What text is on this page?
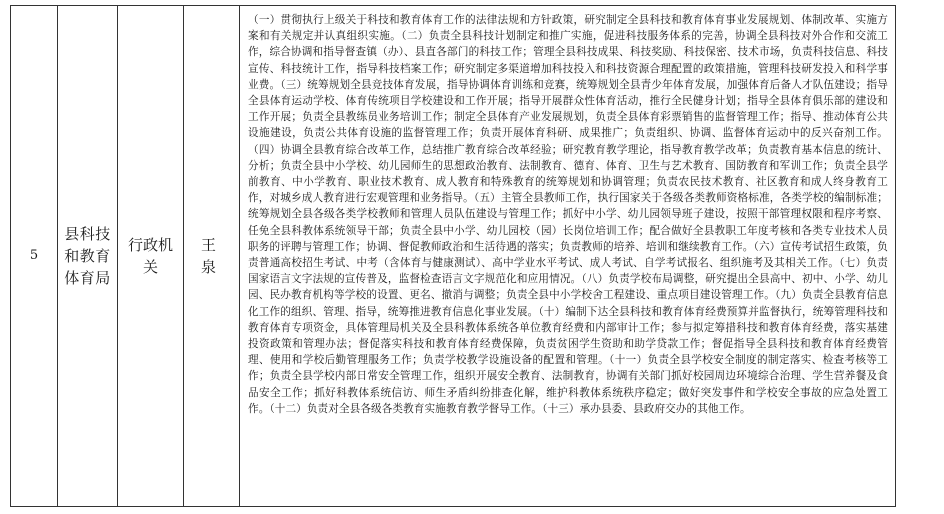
5
县科技和教育体育局
行政机关
王 泉
（一）贯彻执行上级关于科技和教育体育工作的法律法规和方针政策，研究制定全县科技和教育体育事业发展规划、体制改革、实施方案和有关规定并认真组织实施。（二）负责全县科技计划制定和推广实施，促进科技服务体系的完善，协调全县科技对外合作和交流工作，综合协调和指导督查镇（办）、县直各部门的科技工作；管理全县科技成果、科技奖励、科技保密、技术市场，负责科技信息、科技宣传、科技统计工作，指导科技档案工作；研究制定多渠道增加科技投入和科技资源合理配置的政策措施，管理科技研发投入和科学事业费。（三）统筹规划全县竞技体育发展，指导协调体育训练和竞赛，统筹规划全县青少年体育发展，加强体育后备人才队伍建设；指导全县体育运动学校、体育传统项目学校建设和工作开展；指导开展群众性体育活动，推行全民健身计划；指导全县体育俱乐部的建设和工作开展；负责全县教练员业务培训工作；制定全县体育产业发展规划，负责全县体育彩票销售的监督管理工作；指导、推动体育公共设施建设，负责公共体育设施的监督管理工作；负责开展体育科研、成果推广；负责组织、协调、监督体育运动中的反兴奋剂工作。（四）协调全县教育综合改革工作，总结推广教育综合改革经验；研究教育教学理论，指导教育教学改革；负责教育基本信息的统计、分析；负责全县中小学校、幼儿园师生的思想政治教育、法制教育、德育、体育、卫生与艺术教育、国防教育和军训工作；负责全县学前教育、中小学教育、职业技术教育、成人教育和特殊教育的统筹规划和协调管理；负责农民技术教育、社区教育和成人终身教育工作，对城乡成人教育进行宏观管理和业务指导。（五）主管全县教师工作，执行国家关于各级各类教师资格标准，各类学校的编制标准；统筹规划全县各级各类学校教师和管理人员队伍建设与管理工作；抓好中小学、幼儿园领导班子建设，按照干部管理权限和程序考察、任免全县科教体系统领导干部；负责全县中小学、幼儿园校（园）长岗位培训工作；配合做好全县教职工年度考核和各类专业技术人员职务的评聘与管理工作；协调、督促教师政治和生活待遇的落实；负责教师的培养、培训和继续教育工作。（六）宣传考试招生政策，负责普通高校招生考试、中考（含体育与健康测试）、高中学业水平考试、成人考试、自学考试报名、组织施考及其相关工作。（七）负责国家语言文字法规的宣传普及，监督检查语言文字规范化和应用情况。（八）负责学校布局调整，研究提出全县高中、初中、小学、幼儿园、民办教育机构等学校的设置、更名、撤消与调整；负责全县中小学校舍工程建设、重点项目建设管理工作。（九）负责全县教育信息化工作的组织、管理、指导，统筹推进教育信息化事业发展。（十）编制下达全县科技和教育体育经费预算并监督执行，统筹管理科技和教育体育专项资金，具体管理局机关及全县科教体系统各单位教育经费和内部审计工作；参与拟定筹措科技和教育体育经费，落实基建投资政策和管理办法；督促落实科技和教育体育经费保障，负责贫困学生资助和助学贷款工作；督促指导全县科技和教育体育经费管理、使用和学校后勤管理服务工作；负责学校教学设施设备的配置和管理。（十一）负责全县学校安全制度的制定落实、检查考核等工作；负责全县学校内部日常安全管理工作，组织开展安全教育、法制教育，协调有关部门抓好校园周边环境综合治理、学生营养餐及食品安全工作；抓好科教体系统信访、师生矛盾纠纷排查化解，维护科教体系统秩序稳定；做好突发事件和学校安全事故的应急处置工作。（十二）负责对全县各级各类教育实施教育教学督导工作。（十三）承办县委、县政府交办的其他工作。
